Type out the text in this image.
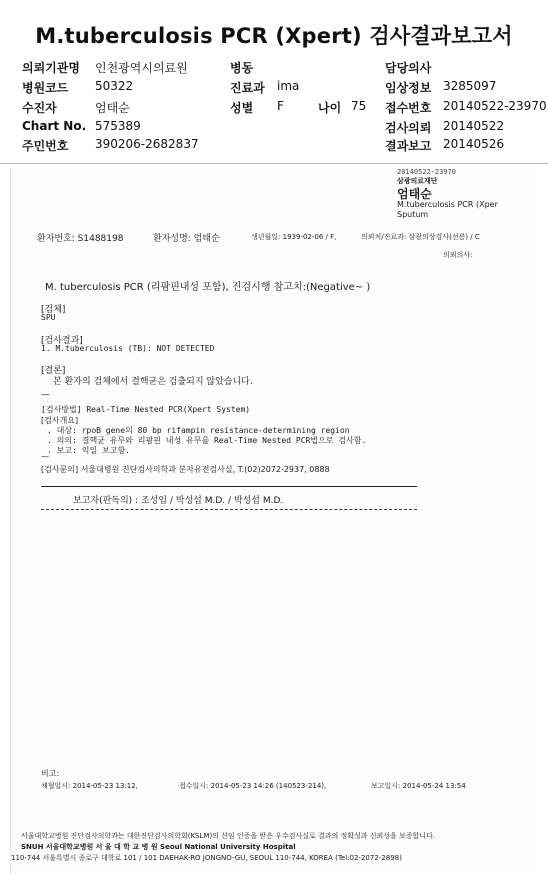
M.tuberculosis PCR (Xpert) 검사결과보고서
의뢰기관명 인천광역시의료원	병동	담당의사
병원코드 50322	진료과 ima	임상정보 3285097
수진자	엄태순	성별 F	나이 75 접수번호 20140522-23970
Chart No. 575389	검사의뢰 20140522
주민번호 390206-2682837	결과보고 20140526
20140522-23970
삼광의료재단
엄태순
M.tuberculosis PCR (Xper
Sputum
환자번호: S1488198	환자성명: 엄태순	생년월일: 1939-02-06 / F,	의뢰처/진료과: 삼광의상검사(선릉) / C
의뢰의사:
M. tuberculosis PCR (리팜핀내성 포함), 진검시행 참고치:(Negative~ )
[검체]
SPU
[검사결과]
1. M.tuberculosis (TB): NOT DETECTED
[결론]
본 환자의 검체에서 결핵균은 검출되지 않았습니다.
—
[검사방법] Real-Time Nested PCR(Xpert System)
[검사개요]
. 대상: rpoB gene의 80 bp rifampin resistance-determining region
. 의의: 결핵균 유무와 리팜핀 내성 유무를 Real-Time Nested PCR법으로 검사함.
. 보고: 익일 보고함.
—
[검사문의] 서울대병원 진단검사의학과 분자유전검사실, T.(02)2072-2937, 0888
보고자(판독의) : 조성임 / 박성섭 M.D. / 박성섭 M.D.
비고:
채혈일시: 2014-05-23 13:12,	접수일시: 2014-05-23 14:26 (140523-214),	보고일시: 2014-05-24 13:54
서울대학교병원 진단검사의학과는 대한진단검사의학회(KSLM)의 신임 인증을 받은 우수검사실로 결과의 정확성과 신뢰성을 보증합니다.
SNUH 서울대학교병원 서 울 대 학 교 병 원 Seoul National University Hospital
110-744 서울특별시 종로구 대학로 101 / 101 DAEHAK-RO JONGNO-GU, SEOUL 110-744, KOREA (Tel:02-2072-2898)
